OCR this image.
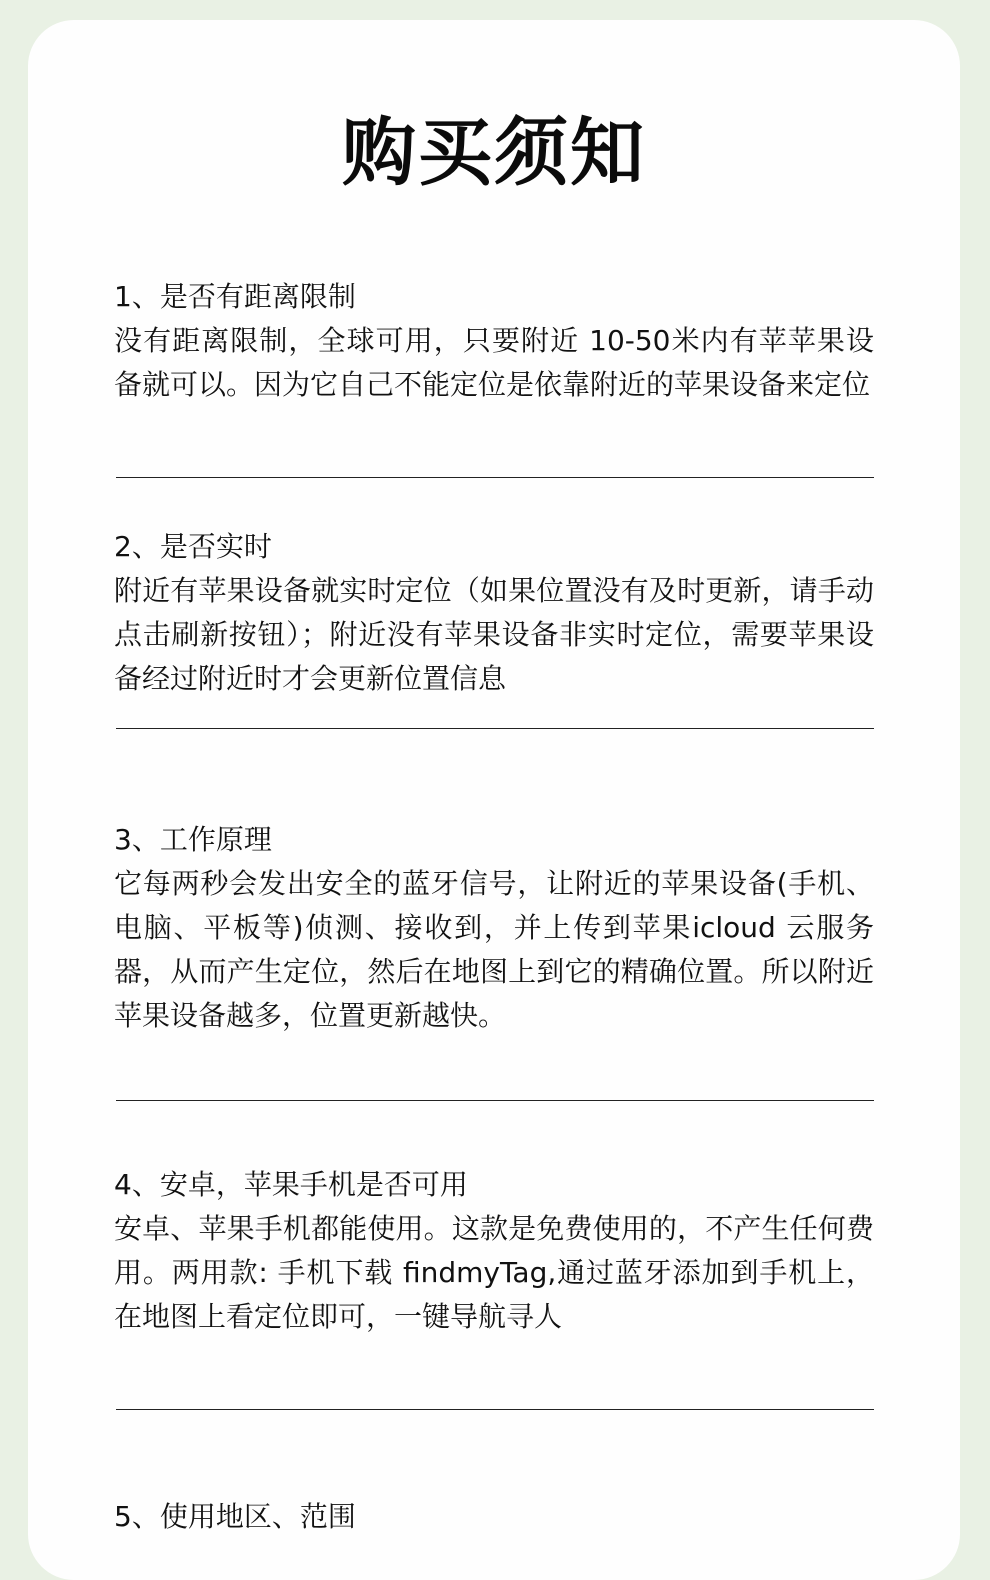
购买须知
1、是否有距离限制

没有距离限制，全球可用，只要附近 10-50米内有苹苹果设备就可以。因为它自己不能定位是依靠附近的苹果设备来定位

2、是否实时

附近有苹果设备就实时定位（如果位置没有及时更新，请手动点击刷新按钮）；附近没有苹果设备非实时定位，需要苹果设备经过附近时才会更新位置信息

3、工作原理

它每两秒会发出安全的蓝牙信号，让附近的苹果设备(手机、电脑、平板等)侦测、接收到，并上传到苹果icloud 云服务器，从而产生定位，然后在地图上到它的精确位置。所以附近苹果设备越多，位置更新越快。

4、安卓，苹果手机是否可用

安卓、苹果手机都能使用。这款是免费使用的，不产生任何费用。两用款: 手机下载 findmyTag,通过蓝牙添加到手机上，在地图上看定位即可，一键导航寻人

5、使用地区、范围
